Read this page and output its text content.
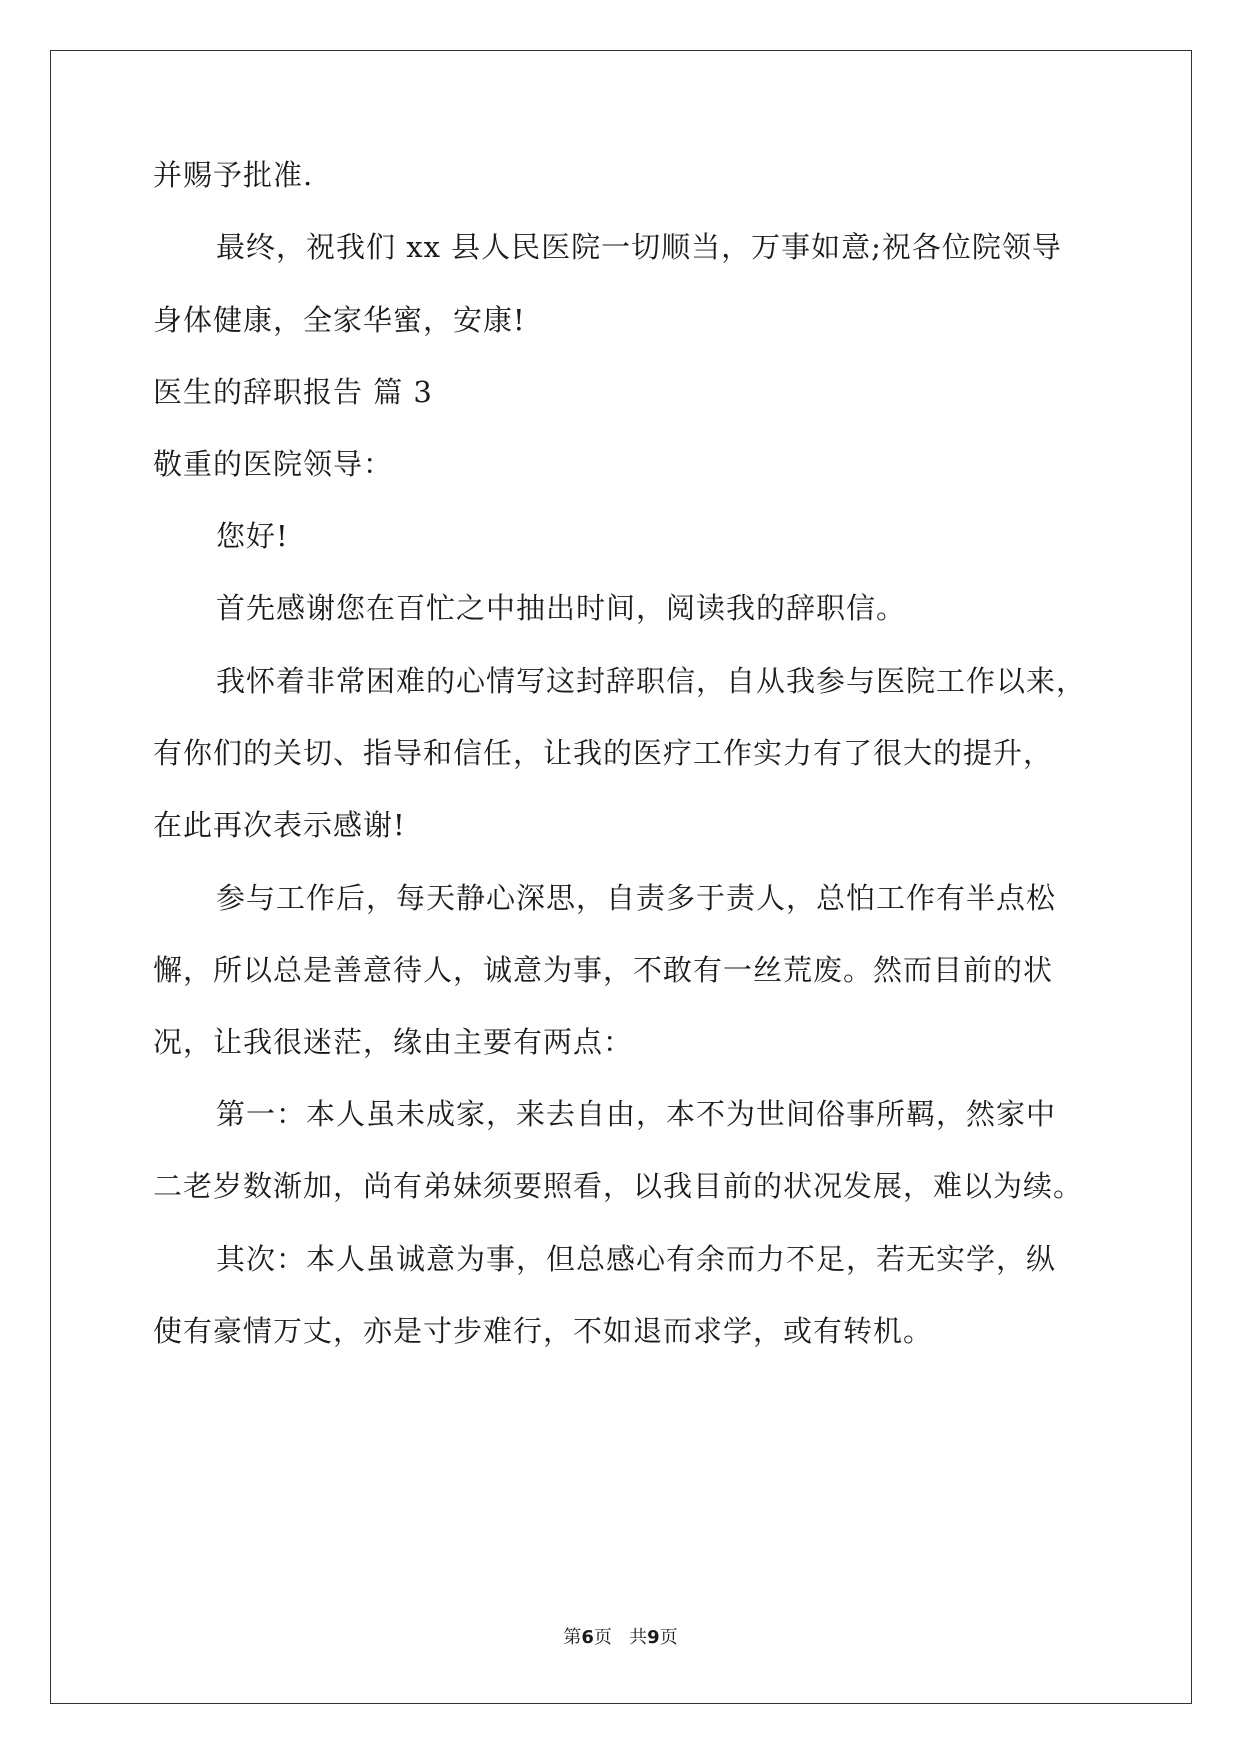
并赐予批准.
最终，祝我们 xx 县人民医院一切顺当，万事如意;祝各位院领导
身体健康，全家华蜜，安康!
医生的辞职报告 篇 3
敬重的医院领导：
您好!
首先感谢您在百忙之中抽出时间，阅读我的辞职信。
我怀着非常困难的心情写这封辞职信，自从我参与医院工作以来，
有你们的关切、指导和信任，让我的医疗工作实力有了很大的提升，
在此再次表示感谢!
参与工作后，每天静心深思，自责多于责人，总怕工作有半点松
懈，所以总是善意待人，诚意为事，不敢有一丝荒废。然而目前的状
况，让我很迷茫，缘由主要有两点：
第一：本人虽未成家，来去自由，本不为世间俗事所羁，然家中
二老岁数渐加，尚有弟妹须要照看，以我目前的状况发展，难以为续。
其次：本人虽诚意为事，但总感心有余而力不足，若无实学，纵
使有豪情万丈，亦是寸步难行，不如退而求学，或有转机。
第6页 共9页
